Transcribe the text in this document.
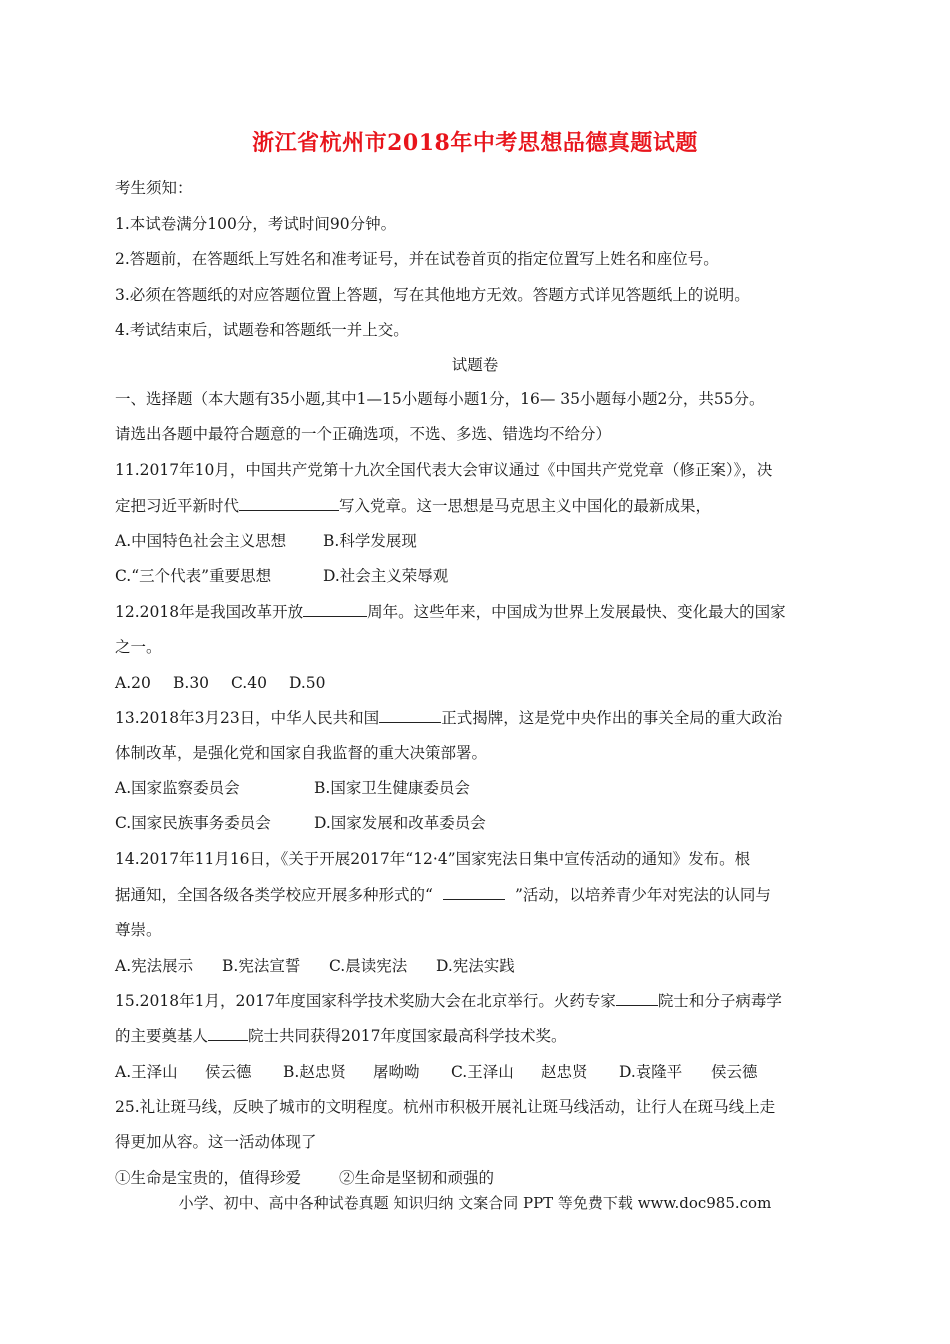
浙江省杭州市2018年中考思想品德真题试题
考生须知：
1.本试卷满分100分，考试时间90分钟。
2.答题前，在答题纸上写姓名和准考证号，并在试卷首页的指定位置写上姓名和座位号。
3.必须在答题纸的对应答题位置上答题，写在其他地方无效。答题方式详见答题纸上的说明。
4.考试结束后，试题卷和答题纸一并上交。
试题卷
一、选择题（本大题有35小题,其中1—15小题每小题1分，16— 35小题每小题2分，共55分。
请选出各题中最符合题意的一个正确选项，不选、多选、错选均不给分）
11.2017年10月，中国共产党第十九次全国代表大会审议通过《中国共产党党章（修正案）》，决
定把习近平新时代	写入党章。这一思想是马克思主义中国化的最新成果，
A.中国特色社会主义思想 B.科学发展现
C.“三个代表”重要思想	D.社会主义荣辱观
12.2018年是我国改革开放	周年。这些年来，中国成为世界上发展最快、变化最大的国家
之一。
A.20 B.30 C.40 D.50
13.2018年3月23日，中华人民共和国	正式揭牌，这是党中央作出的事关全局的重大政治
体制改革，是强化党和国家自我监督的重大决策部署。
A.国家监察委员会	B.国家卫生健康委员会
C.国家民族事务委员会	D.国家发展和改革委员会
14.2017年11月16日，《关于开展2017年“12·4”国家宪法日集中宣传活动的通知》发布。根
据通知，全国各级各类学校应开展多种形式的“	”活动，以培养青少年对宪法的认同与
尊崇。
A.宪法展示 B.宪法宣誓 C.晨读宪法 D.宪法实践
15.2018年1月，2017年度国家科学技术奖励大会在北京举行。火药专家	院士和分子病毒学
的主要奠基人	院士共同获得2017年度国家最高科学技术奖。
A.王泽山 侯云德 B.赵忠贤 屠呦呦 C.王泽山 赵忠贤 D.袁隆平 侯云德
25.礼让斑马线，反映了城市的文明程度。杭州市积极开展礼让斑马线活动，让行人在斑马线上走
得更加从容。这一活动体现了
①生命是宝贵的，值得珍爱 ②生命是坚韧和顽强的
小学、初中、高中各种试卷真题 知识归纳 文案合同 PPT 等免费下载 www.doc985.com
